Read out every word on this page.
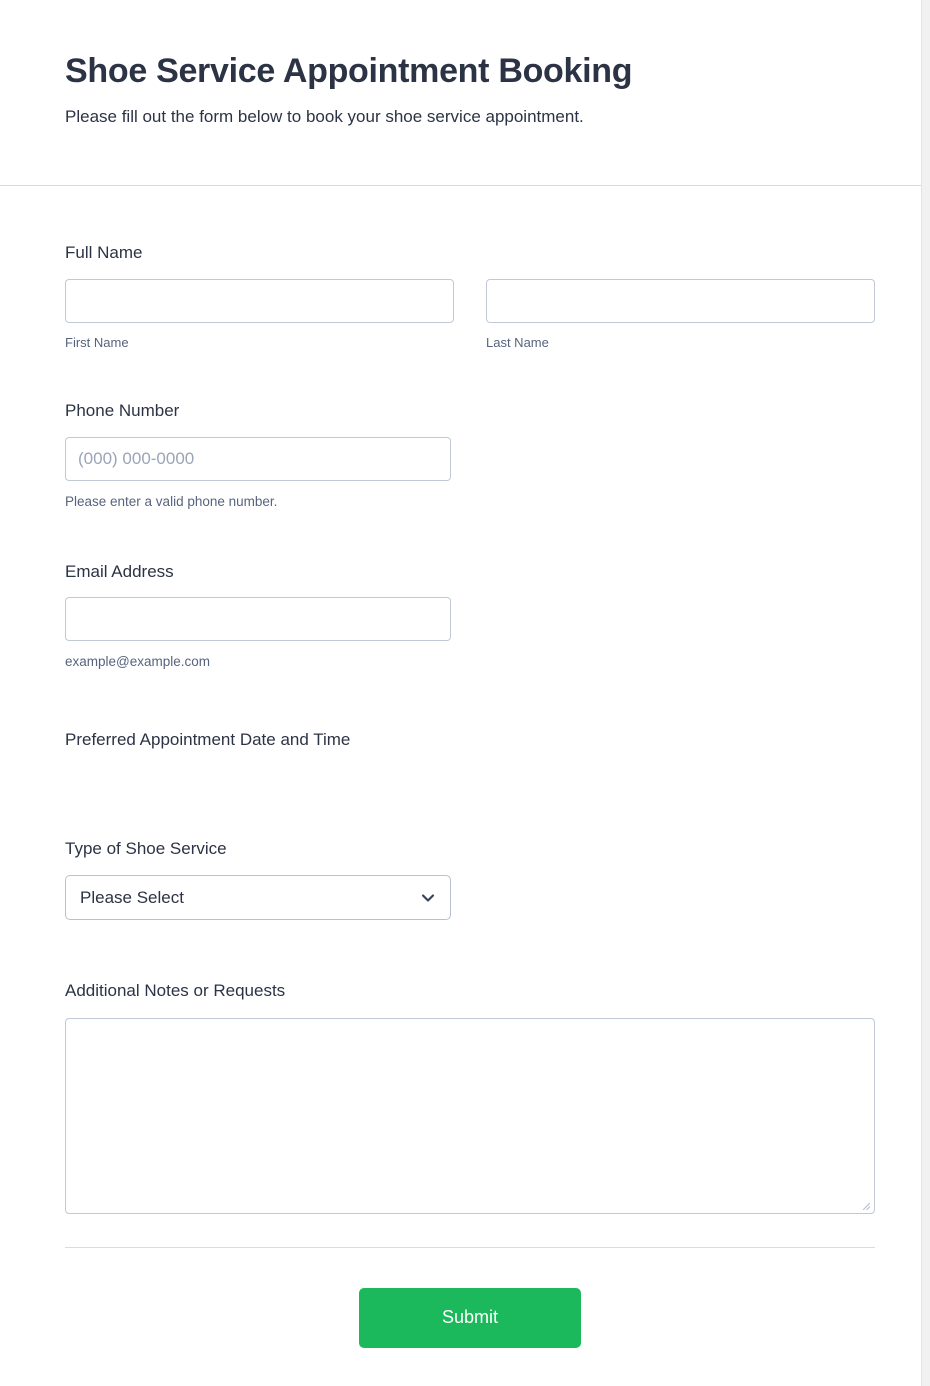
Shoe Service Appointment Booking
Please fill out the form below to book your shoe service appointment.
Full Name
First Name	Last Name
Phone Number
(000) 000-0000
Please enter a valid phone number.
Email Address
example@example.com
Preferred Appointment Date and Time
Type of Shoe Service
Please Select
Additional Notes or Requests
Submit
